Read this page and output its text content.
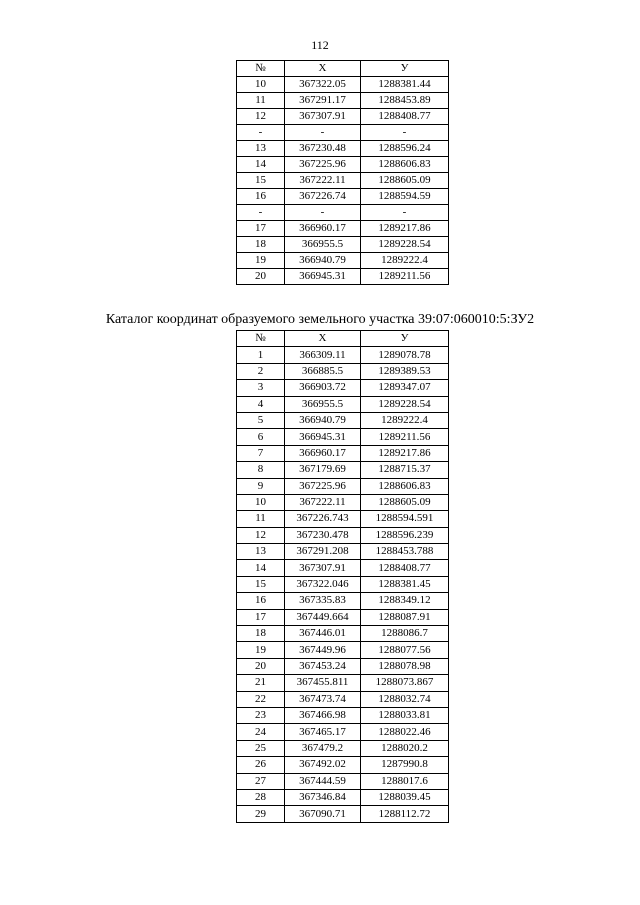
112
№	X	У
10	367322.05	1288381.44
11	367291.17	1288453.89
12	367307.91	1288408.77
-	-	-
13	367230.48	1288596.24
14	367225.96	1288606.83
15	367222.11	1288605.09
16	367226.74	1288594.59
-	-	-
17	366960.17	1289217.86
18	366955.5	1289228.54
19	366940.79	1289222.4
20	366945.31	1289211.56
Каталог координат образуемого земельного участка 39:07:060010:5:ЗУ2
№	X	У
1	366309.11	1289078.78
2	366885.5	1289389.53
3	366903.72	1289347.07
4	366955.5	1289228.54
5	366940.79	1289222.4
6	366945.31	1289211.56
7	366960.17	1289217.86
8	367179.69	1288715.37
9	367225.96	1288606.83
10	367222.11	1288605.09
11	367226.743	1288594.591
12	367230.478	1288596.239
13	367291.208	1288453.788
14	367307.91	1288408.77
15	367322.046	1288381.45
16	367335.83	1288349.12
17	367449.664	1288087.91
18	367446.01	1288086.7
19	367449.96	1288077.56
20	367453.24	1288078.98
21	367455.811	1288073.867
22	367473.74	1288032.74
23	367466.98	1288033.81
24	367465.17	1288022.46
25	367479.2	1288020.2
26	367492.02	1287990.8
27	367444.59	1288017.6
28	367346.84	1288039.45
29	367090.71	1288112.72
